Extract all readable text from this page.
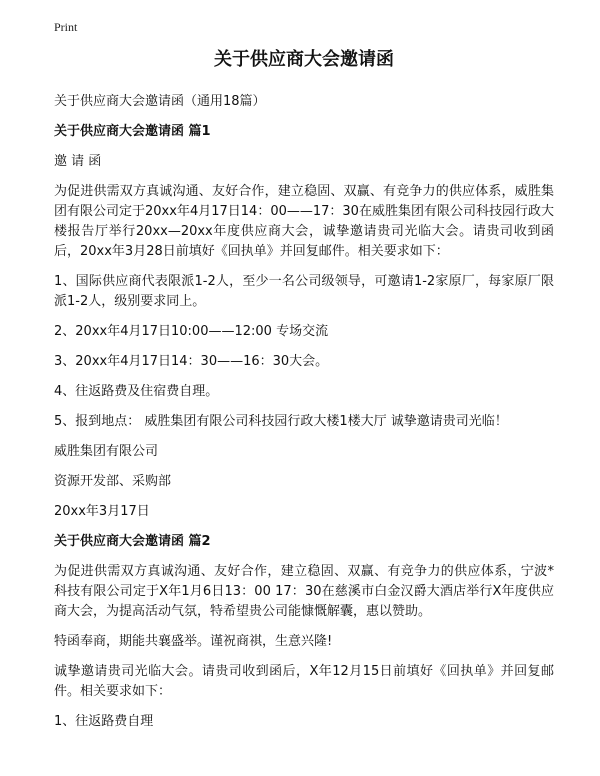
Print
关于供应商大会邀请函
关于供应商大会邀请函（通用18篇）
关于供应商大会邀请函 篇1
邀 请 函
为促进供需双方真诚沟通、友好合作，建立稳固、双赢、有竞争力的供应体系，威胜集团有限公司定于20xx年4月17日14：00——17：30在威胜集团有限公司科技园行政大楼报告厅举行20xx—20xx年度供应商大会，诚挚邀请贵司光临大会。请贵司收到函后，20xx年3月28日前填好《回执单》并回复邮件。相关要求如下：
1、国际供应商代表限派1-2人，至少一名公司级领导，可邀请1-2家原厂，每家原厂限派1-2人，级别要求同上。
2、20xx年4月17日10:00——12:00 专场交流
3、20xx年4月17日14：30——16：30大会。
4、往返路费及住宿费自理。
5、报到地点： 威胜集团有限公司科技园行政大楼1楼大厅 诚挚邀请贵司光临！
威胜集团有限公司
资源开发部、采购部
20xx年3月17日
关于供应商大会邀请函 篇2
为促进供需双方真诚沟通、友好合作，建立稳固、双赢、有竞争力的供应体系，宁波*科技有限公司定于X年1月6日13：00 17：30在慈溪市白金汉爵大酒店举行X年度供应商大会，为提高活动气氛，特希望贵公司能慷慨解囊，惠以赞助。
特函奉商，期能共襄盛举。谨祝商祺，生意兴隆!
诚挚邀请贵司光临大会。请贵司收到函后，X年12月15日前填好《回执单》并回复邮件。相关要求如下：
1、往返路费自理
